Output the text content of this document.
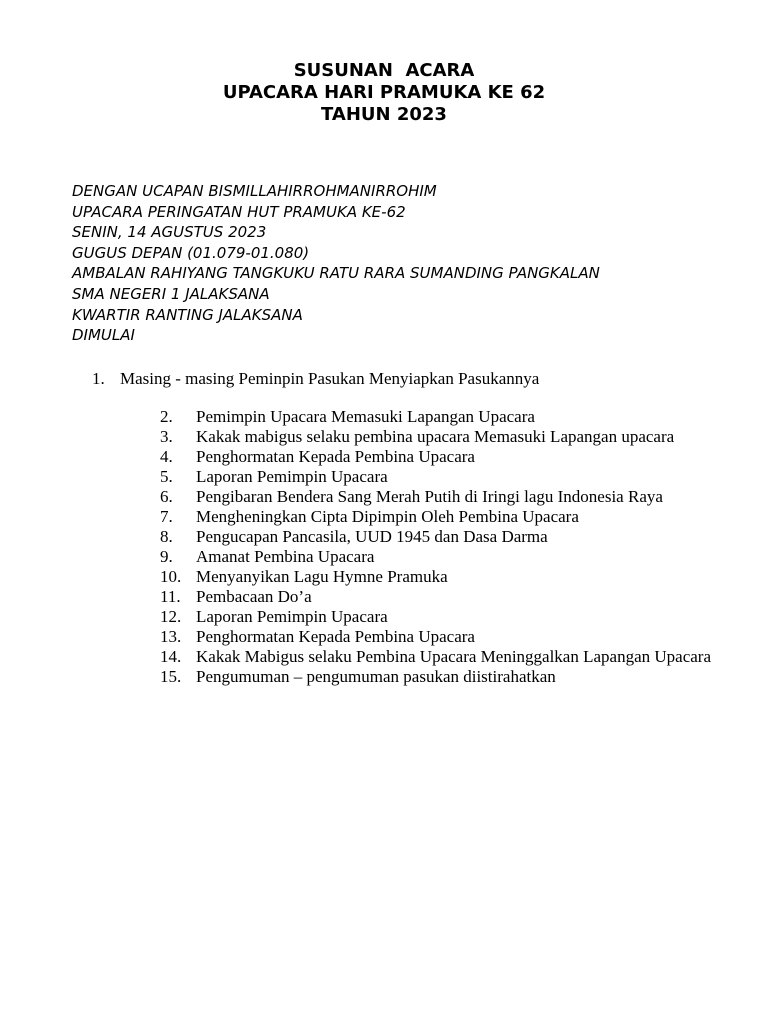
SUSUNAN  ACARA
UPACARA HARI PRAMUKA KE 62
TAHUN 2023
DENGAN UCAPAN BISMILLAHIRROHMANIRROHIM
UPACARA PERINGATAN HUT PRAMUKA KE-62
SENIN, 14 AGUSTUS 2023
GUGUS DEPAN (01.079-01.080)
AMBALAN RAHIYANG TANGKUKU RATU RARA SUMANDING PANGKALAN
SMA NEGERI 1 JALAKSANA
KWARTIR RANTING JALAKSANA
DIMULAI
1. Masing - masing Peminpin Pasukan Menyiapkan Pasukannya
2.	Pemimpin Upacara Memasuki Lapangan Upacara
3.	Kakak mabigus selaku pembina upacara Memasuki Lapangan upacara
4.	Penghormatan Kepada Pembina Upacara
5.	Laporan Pemimpin Upacara
6.	Pengibaran Bendera Sang Merah Putih di Iringi lagu Indonesia Raya
7.	Mengheningkan Cipta Dipimpin Oleh Pembina Upacara
8.	Pengucapan Pancasila, UUD 1945 dan Dasa Darma
9.	Amanat Pembina Upacara
10. Menyanyikan Lagu Hymne Pramuka
11. Pembacaan Do’a
12. Laporan Pemimpin Upacara
13. Penghormatan Kepada Pembina Upacara
14. Kakak Mabigus selaku Pembina Upacara Meninggalkan Lapangan Upacara
15. Pengumuman – pengumuman pasukan diistirahatkan
